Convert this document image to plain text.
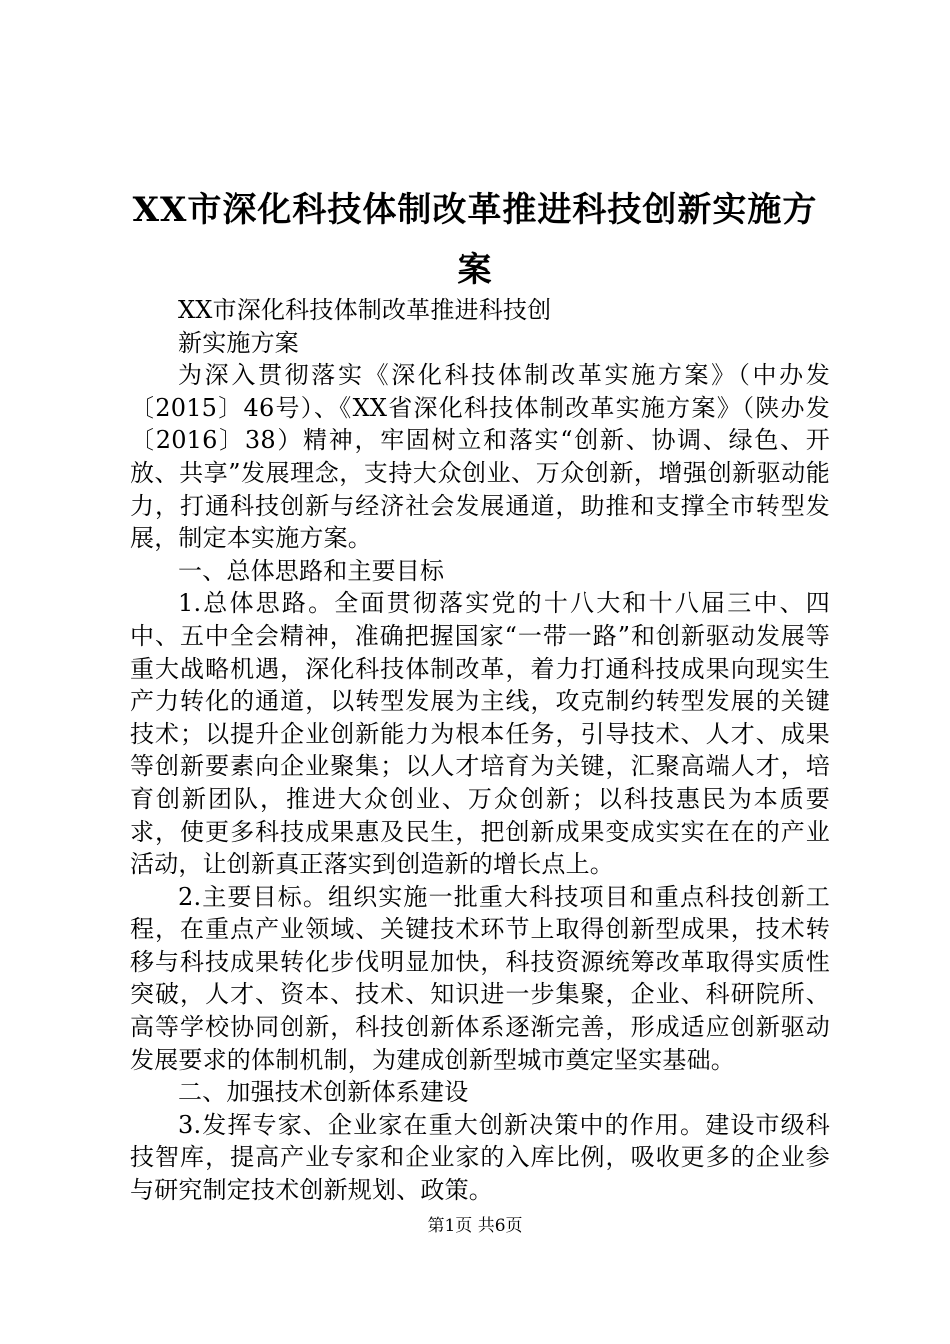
XX市深化科技体制改革推进科技创新实施方
案

XX市深化科技体制改革推进科技创

新实施方案

为深入贯彻落实《深化科技体制改革实施方案》（中办发〔2015〕46号）、《XX省深化科技体制改革实施方案》（陕办发〔2016〕38）精神，牢固树立和落实“创新、协调、绿色、开放、共享”发展理念，支持大众创业、万众创新，增强创新驱动能力，打通科技创新与经济社会发展通道，助推和支撑全市转型发展，制定本实施方案。

一、总体思路和主要目标

1.总体思路。全面贯彻落实党的十八大和十八届三中、四中、五中全会精神，准确把握国家“一带一路”和创新驱动发展等重大战略机遇，深化科技体制改革，着力打通科技成果向现实生产力转化的通道，以转型发展为主线，攻克制约转型发展的关键技术；以提升企业创新能力为根本任务，引导技术、人才、成果等创新要素向企业聚集；以人才培育为关键，汇聚高端人才，培育创新团队，推进大众创业、万众创新；以科技惠民为本质要求，使更多科技成果惠及民生，把创新成果变成实实在在的产业活动，让创新真正落实到创造新的增长点上。

2.主要目标。组织实施一批重大科技项目和重点科技创新工程，在重点产业领域、关键技术环节上取得创新型成果，技术转移与科技成果转化步伐明显加快，科技资源统筹改革取得实质性突破，人才、资本、技术、知识进一步集聚，企业、科研院所、高等学校协同创新，科技创新体系逐渐完善，形成适应创新驱动发展要求的体制机制，为建成创新型城市奠定坚实基础。

二、加强技术创新体系建设

3.发挥专家、企业家在重大创新决策中的作用。建设市级科技智库，提高产业专家和企业家的入库比例，吸收更多的企业参与研究制定技术创新规划、政策。

第1页 共6页
